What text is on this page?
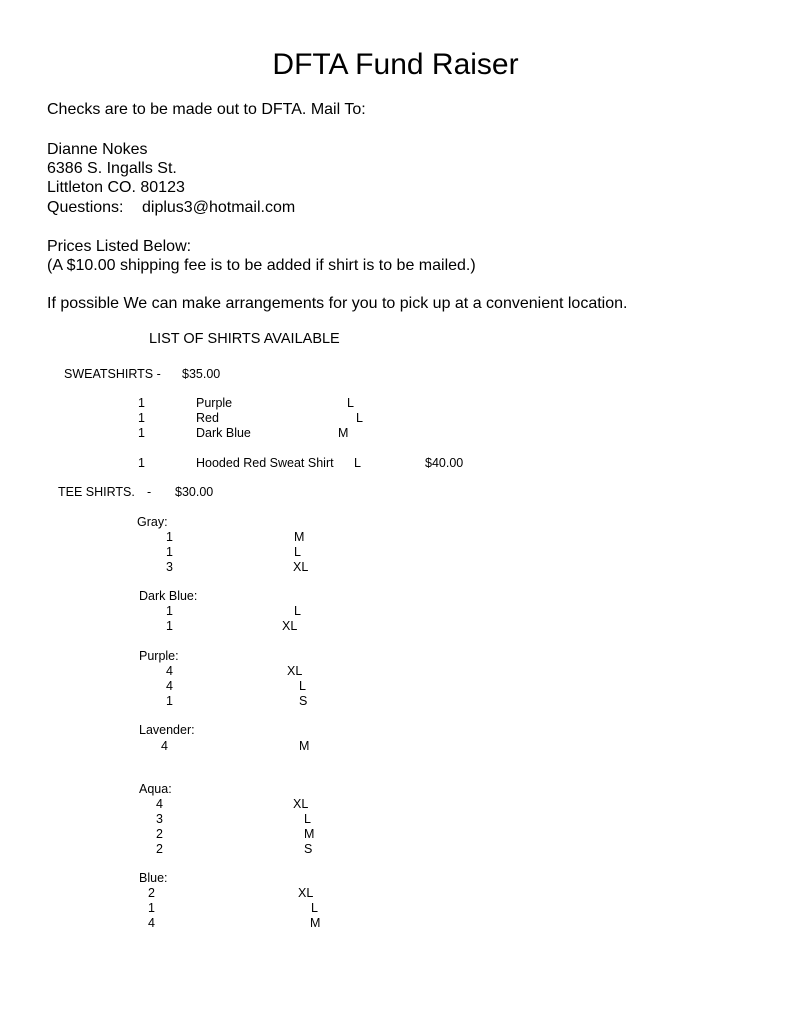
DFTA Fund Raiser
Checks are to be made out to DFTA. Mail To:
Dianne Nokes
6386 S. Ingalls St.
Littleton CO. 80123
Questions: diplus3@hotmail.com
Prices Listed Below:
(A $10.00 shipping fee is to be added if shirt is to be mailed.)
If possible We can make arrangements for you to pick up at a convenient location.
LIST OF SHIRTS AVAILABLE
SWEATSHIRTS - $35.00
1	Purple	L
1	Red	L
1	Dark Blue	M
1	Hooded Red Sweat Shirt L	$40.00
TEE SHIRTS. - $30.00
Gray:
1	M
1	L
3	XL
Dark Blue:
1	L
1	XL
Purple:
4	XL
4	L
1	S
Lavender:
4	M
Aqua:
4	XL
3	L
2	M
2	S
Blue:
2	XL
1	L
4	M
